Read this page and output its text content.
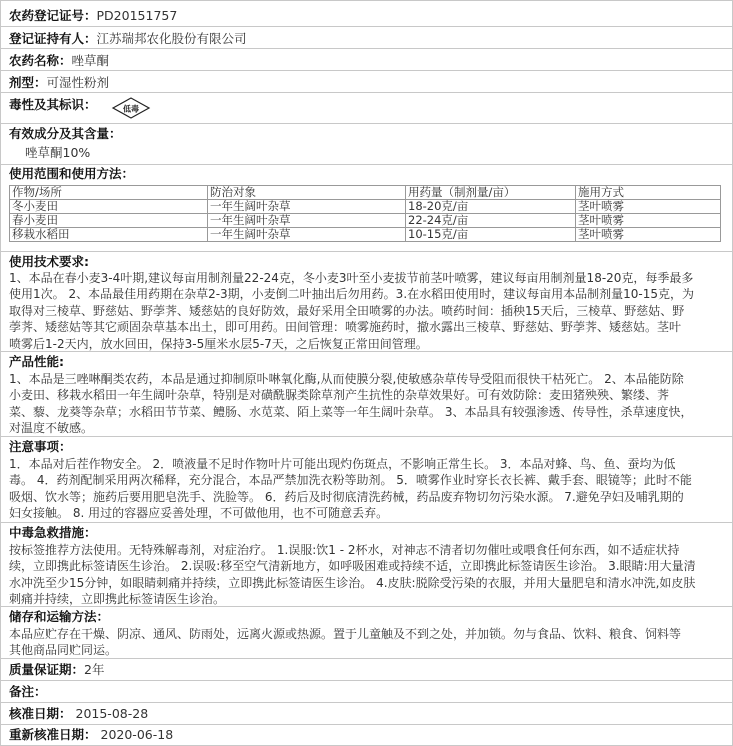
农药登记证号：PD20151757
登记证持有人：江苏瑞邦农化股份有限公司
农药名称：唑草酮
剂型：可湿性粉剂
毒性及其标识：	低毒
有效成分及其含量：
唑草酮10%
使用范围和使用方法：
作物/场所	防治对象	用药量（制剂量/亩）	施用方式
冬小麦田	一年生阔叶杂草	18-20克/亩	茎叶喷雾
春小麦田	一年生阔叶杂草	22-24克/亩	茎叶喷雾
移栽水稻田	一年生阔叶杂草	10-15克/亩	茎叶喷雾
使用技术要求:
1、本品在春小麦3-4叶期,建议每亩用制剂量22-24克，冬小麦3叶至小麦拔节前茎叶喷雾，建议每亩用制剂量18-20克，每季最多
使用1次。 2、本品最佳用药期在杂草2-3期，小麦倒二叶抽出后勿用药。3.在水稻田使用时，建议每亩用本品制剂量10-15克，为
取得对三棱草、野慈姑、野荸荠、矮慈姑的良好防效，最好采用全田喷雾的办法。喷药时间：插秧15天后，三棱草、野慈姑、野
荸荠、矮慈姑等其它顽固杂草基本出土，即可用药。田间管理：喷雾施药时，撤水露出三棱草、野慈姑、野荸荠、矮慈姑。茎叶
喷雾后1-2天内，放水回田，保持3-5厘米水层5-7天，之后恢复正常田间管理。
产品性能:
1、本品是三唑啉酮类农药，本品是通过抑制原卟啉氧化酶,从而使膜分裂,使敏感杂草传导受阻而很快干枯死亡。 2、本品能防除
小麦田、移栽水稻田一年生阔叶杂草，特别是对磺酰脲类除草剂产生抗性的杂草效果好。可有效防除：麦田猪殃殃、繁缕、荠
菜、藜、龙葵等杂草；水稻田节节菜、鳢肠、水苋菜、陌上菜等一年生阔叶杂草。 3、本品具有较强渗透、传导性，杀草速度快，
对温度不敏感。
注意事项：
1．本品对后茬作物安全。 2．喷液量不足时作物叶片可能出现灼伤斑点，不影响正常生长。 3．本品对蜂、鸟、鱼、蚕均为低
毒。 4．药剂配制采用两次稀释，充分混合，本品严禁加洗衣粉等助剂。 5．喷雾作业时穿长衣长裤、戴手套、眼镜等；此时不能
吸烟、饮水等；施药后要用肥皂洗手、洗脸等。 6．药后及时彻底清洗药械，药品废弃物切勿污染水源。 7.避免孕妇及哺乳期的
妇女接触。 8. 用过的容器应妥善处理，不可做他用，也不可随意丢弃。
中毒急救措施：
按标签推荐方法使用。无特殊解毒剂，对症治疗。 1.误服:饮1 - 2杯水，对神志不清者切勿催吐或喂食任何东西，如不适症状持
续，立即携此标签请医生诊治。 2.误吸:移至空气清新地方，如呼吸困难或持续不适，立即携此标签请医生诊治。 3.眼睛:用大量清
水冲洗至少15分钟，如眼睛刺痛并持续，立即携此标签请医生诊治。 4.皮肤:脱除受污染的衣服，并用大量肥皂和清水冲洗,如皮肤
刺痛并持续，立即携此标签请医生诊治。
储存和运输方法：
本品应贮存在干燥、阴凉、通风、防雨处，远离火源或热源。置于儿童触及不到之处，并加锁。勿与食品、饮料、粮食、饲料等
其他商品同贮同运。
质量保证期：2年
备注：
核准日期： 2015-08-28
重新核准日期： 2020-06-18
